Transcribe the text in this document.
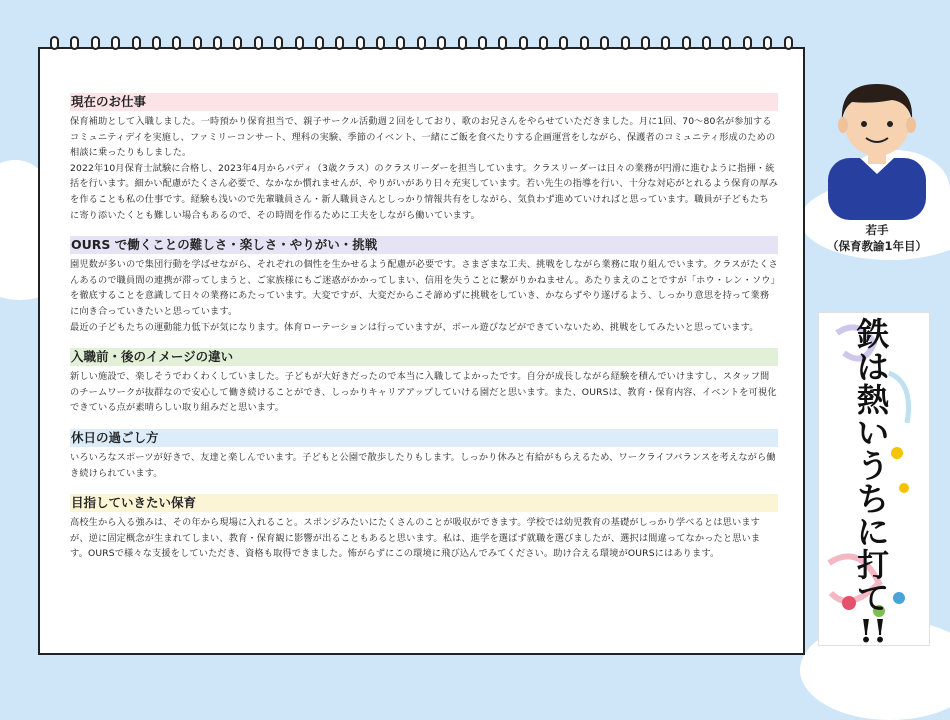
現在のお仕事

保育補助として入職しました。一時預かり保育担当で、親子サークル活動週２回をしており、歌のお兄さんをやらせていただきました。月に1回、70～80名が参加するコミュニティデイを実施し、ファミリーコンサート、理科の実験、季節のイベント、一緒にご飯を食べたりする企画運営をしながら、保護者のコミュニティ形成のための相談に乗ったりもしました。

2022年10月保育士試験に合格し、2023年4月からバディ（3歳クラス）のクラスリーダーを担当しています。クラスリーダーは日々の業務が円滑に進むように指揮・統括を行います。細かい配慮がたくさん必要で、なかなか慣れませんが、やりがいがあり日々充実しています。若い先生の指導を行い、十分な対応がとれるよう保育の厚みを作ることも私の仕事です。経験も浅いので先輩職員さん・新人職員さんとしっかり情報共有をしながら、気負わず進めていければと思っています。職員が子どもたちに寄り添いたくとも難しい場合もあるので、その時間を作るために工夫をしながら働いています。

OURS で働くことの難しさ・楽しさ・やりがい・挑戦

園児数が多いので集団行動を学ばせながら、それぞれの個性を生かせるよう配慮が必要です。さまざまな工夫、挑戦をしながら業務に取り組んでいます。クラスがたくさんあるので職員間の連携が滞ってしまうと、ご家族様にもご迷惑がかかってしまい、信用を失うことに繋がりかねません。あたりまえのことですが「ホウ・レン・ソウ」を徹底することを意識して日々の業務にあたっています。大変ですが、大変だからこそ諦めずに挑戦をしていき、かならずやり遂げるよう、しっかり意思を持って業務に向き合っていきたいと思っています。

最近の子どもたちの運動能力低下が気になります。体育ローテーションは行っていますが、ボール遊びなどができていないため、挑戦をしてみたいと思っています。

入職前・後のイメージの違い

新しい施設で、楽しそうでわくわくしていました。子どもが大好きだったので本当に入職してよかったです。自分が成長しながら経験を積んでいけますし、スタッフ間のチームワークが抜群なので安心して働き続けることができ、しっかりキャリアアップしていける園だと思います。また、OURSは、教育・保育内容、イベントを可視化できている点が素晴らしい取り組みだと思います。

休日の過ごし方

いろいろなスポーツが好きで、友達と楽しんでいます。子どもと公園で散歩したりもします。しっかり休みと有給がもらえるため、ワークライフバランスを考えながら働き続けられています。

目指していきたい保育

高校生から入る強みは、その年から現場に入れること。スポンジみたいにたくさんのことが吸収ができます。学校では幼児教育の基礎がしっかり学べるとは思いますが、逆に固定概念が生まれてしまい、教育・保育観に影響が出ることもあると思います。私は、進学を選ばず就職を選びましたが、選択は間違ってなかったと思います。OURSで様々な支援をしていただき、資格も取得できました。怖がらずにこの環境に飛び込んでみてください。助け合える環境がOURSにはあります。

若手
（保育教諭1年目）
鉄
は
熱
い
う
ち
に
打
て
!!
